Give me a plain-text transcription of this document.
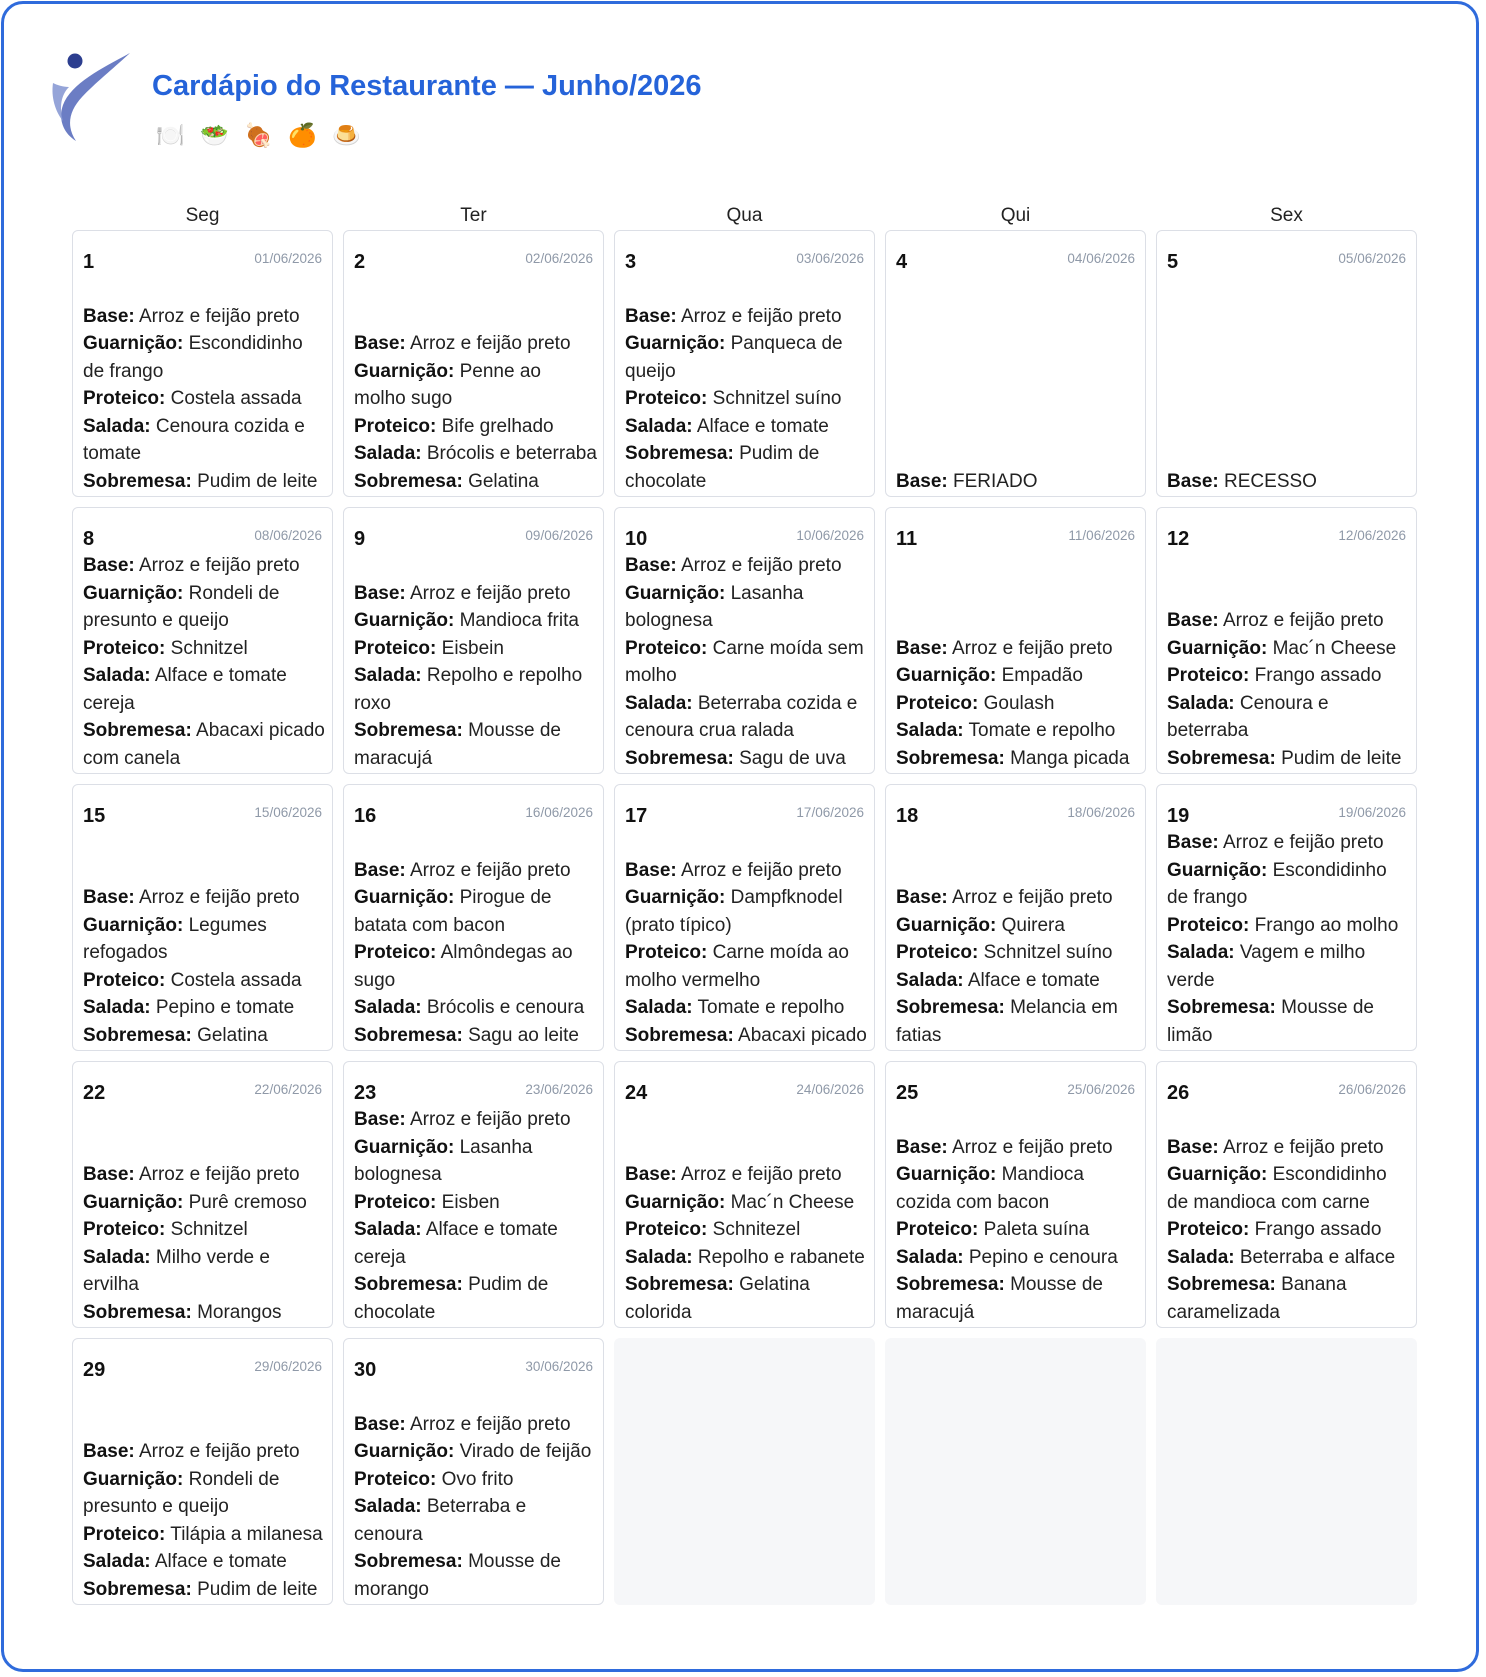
Cardápio do Restaurante — Junho/2026
🍽️ 🥗 🍖 🍊 🍮
Seg	Ter	Qua	Qui	Sex
1	01/06/2026
Base: Arroz e feijão preto
Guarnição: Escondidinho de frango
Proteico: Costela assada
Salada: Cenoura cozida e tomate
Sobremesa: Pudim de leite
2	02/06/2026
Base: Arroz e feijão preto
Guarnição: Penne ao molho sugo
Proteico: Bife grelhado
Salada: Brócolis e beterraba
Sobremesa: Gelatina
3	03/06/2026
Base: Arroz e feijão preto
Guarnição: Panqueca de queijo
Proteico: Schnitzel suíno
Salada: Alface e tomate
Sobremesa: Pudim de chocolate
4	04/06/2026
Base: FERIADO
5	05/06/2026
Base: RECESSO
8	08/06/2026
Base: Arroz e feijão preto
Guarnição: Rondeli de presunto e queijo
Proteico: Schnitzel
Salada: Alface e tomate cereja
Sobremesa: Abacaxi picado com canela
9	09/06/2026
Base: Arroz e feijão preto
Guarnição: Mandioca frita
Proteico: Eisbein
Salada: Repolho e repolho roxo
Sobremesa: Mousse de maracujá
10	10/06/2026
Base: Arroz e feijão preto
Guarnição: Lasanha bolognesa
Proteico: Carne moída sem molho
Salada: Beterraba cozida e cenoura crua ralada
Sobremesa: Sagu de uva
11	11/06/2026
Base: Arroz e feijão preto
Guarnição: Empadão
Proteico: Goulash
Salada: Tomate e repolho
Sobremesa: Manga picada
12	12/06/2026
Base: Arroz e feijão preto
Guarnição: Mac´n Cheese
Proteico: Frango assado
Salada: Cenoura e beterraba
Sobremesa: Pudim de leite
15	15/06/2026
Base: Arroz e feijão preto
Guarnição: Legumes refogados
Proteico: Costela assada
Salada: Pepino e tomate
Sobremesa: Gelatina
16	16/06/2026
Base: Arroz e feijão preto
Guarnição: Pirogue de batata com bacon
Proteico: Almôndegas ao sugo
Salada: Brócolis e cenoura
Sobremesa: Sagu ao leite
17	17/06/2026
Base: Arroz e feijão preto
Guarnição: Dampfknodel (prato típico)
Proteico: Carne moída ao molho vermelho
Salada: Tomate e repolho
Sobremesa: Abacaxi picado
18	18/06/2026
Base: Arroz e feijão preto
Guarnição: Quirera
Proteico: Schnitzel suíno
Salada: Alface e tomate
Sobremesa: Melancia em fatias
19	19/06/2026
Base: Arroz e feijão preto
Guarnição: Escondidinho de frango
Proteico: Frango ao molho
Salada: Vagem e milho verde
Sobremesa: Mousse de limão
22	22/06/2026
Base: Arroz e feijão preto
Guarnição: Purê cremoso
Proteico: Schnitzel
Salada: Milho verde e ervilha
Sobremesa: Morangos
23	23/06/2026
Base: Arroz e feijão preto
Guarnição: Lasanha bolognesa
Proteico: Eisben
Salada: Alface e tomate cereja
Sobremesa: Pudim de chocolate
24	24/06/2026
Base: Arroz e feijão preto
Guarnição: Mac´n Cheese
Proteico: Schnitezel
Salada: Repolho e rabanete
Sobremesa: Gelatina colorida
25	25/06/2026
Base: Arroz e feijão preto
Guarnição: Mandioca cozida com bacon
Proteico: Paleta suína
Salada: Pepino e cenoura
Sobremesa: Mousse de maracujá
26	26/06/2026
Base: Arroz e feijão preto
Guarnição: Escondidinho de mandioca com carne
Proteico: Frango assado
Salada: Beterraba e alface
Sobremesa: Banana caramelizada
29	29/06/2026
Base: Arroz e feijão preto
Guarnição: Rondeli de presunto e queijo
Proteico: Tilápia a milanesa
Salada: Alface e tomate
Sobremesa: Pudim de leite
30	30/06/2026
Base: Arroz e feijão preto
Guarnição: Virado de feijão
Proteico: Ovo frito
Salada: Beterraba e cenoura
Sobremesa: Mousse de morango
